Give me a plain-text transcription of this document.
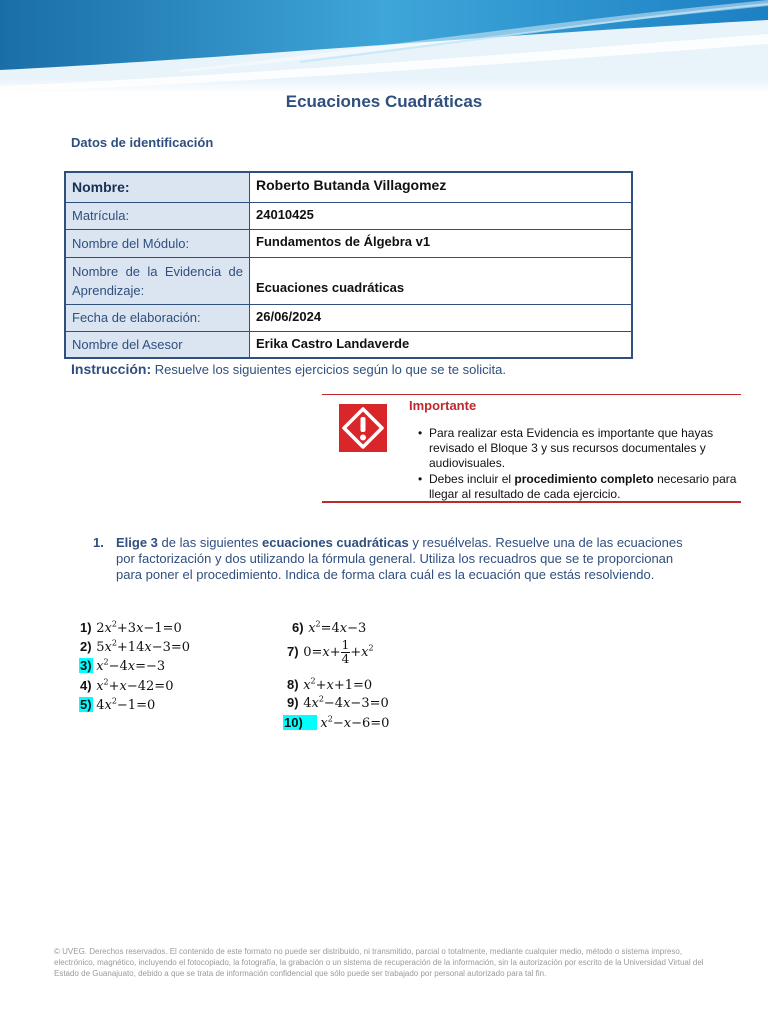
Ecuaciones Cuadráticas
Datos de identificación
Nombre:	Roberto Butanda Villagomez
Matrícula:	24010425
Nombre del Módulo:	Fundamentos de Álgebra v1
Nombre de la Evidencia de Aprendizaje:	Ecuaciones cuadráticas
Fecha de elaboración:	26/06/2024
Nombre del Asesor	Erika Castro Landaverde
Instrucción: Resuelve los siguientes ejercicios según lo que se te solicita.
Importante
• Para realizar esta Evidencia es importante que hayas revisado el Bloque 3 y sus recursos documentales y audiovisuales.
• Debes incluir el procedimiento completo necesario para llegar al resultado de cada ejercicio.
1. Elige 3 de las siguientes ecuaciones cuadráticas y resuélvelas. Resuelve una de las ecuaciones por factorización y dos utilizando la fórmula general. Utiliza los recuadros que se te proporcionan para poner el procedimiento. Indica de forma clara cuál es la ecuación que estás resolviendo.
1) $2x^2+3x-1=0$
2) $5x^2+14x-3=0$
3) $x^2-4x=-3$
4) $x^2+x-42=0$
5) $4x^2-1=0$
6) $x^2=4x-3$
7) $0=x+ \frac{1}{4} +x^2$
8) $x^2+x+1=0$
9) $4x^2-4x-3=0$
10) $x^2-x-6=0$
© UVEG. Derechos reservados. El contenido de este formato no puede ser distribuido, ni transmitido, parcial o totalmente, mediante cualquier medio, método o sistema impreso, electrónico, magnético, incluyendo el fotocopiado, la fotografía, la grabación o un sistema de recuperación de la información, sin la autorización por escrito de la Universidad Virtual del Estado de Guanajuato, debido a que se trata de información confidencial que sólo puede ser trabajado por personal autorizado para tal fin.
